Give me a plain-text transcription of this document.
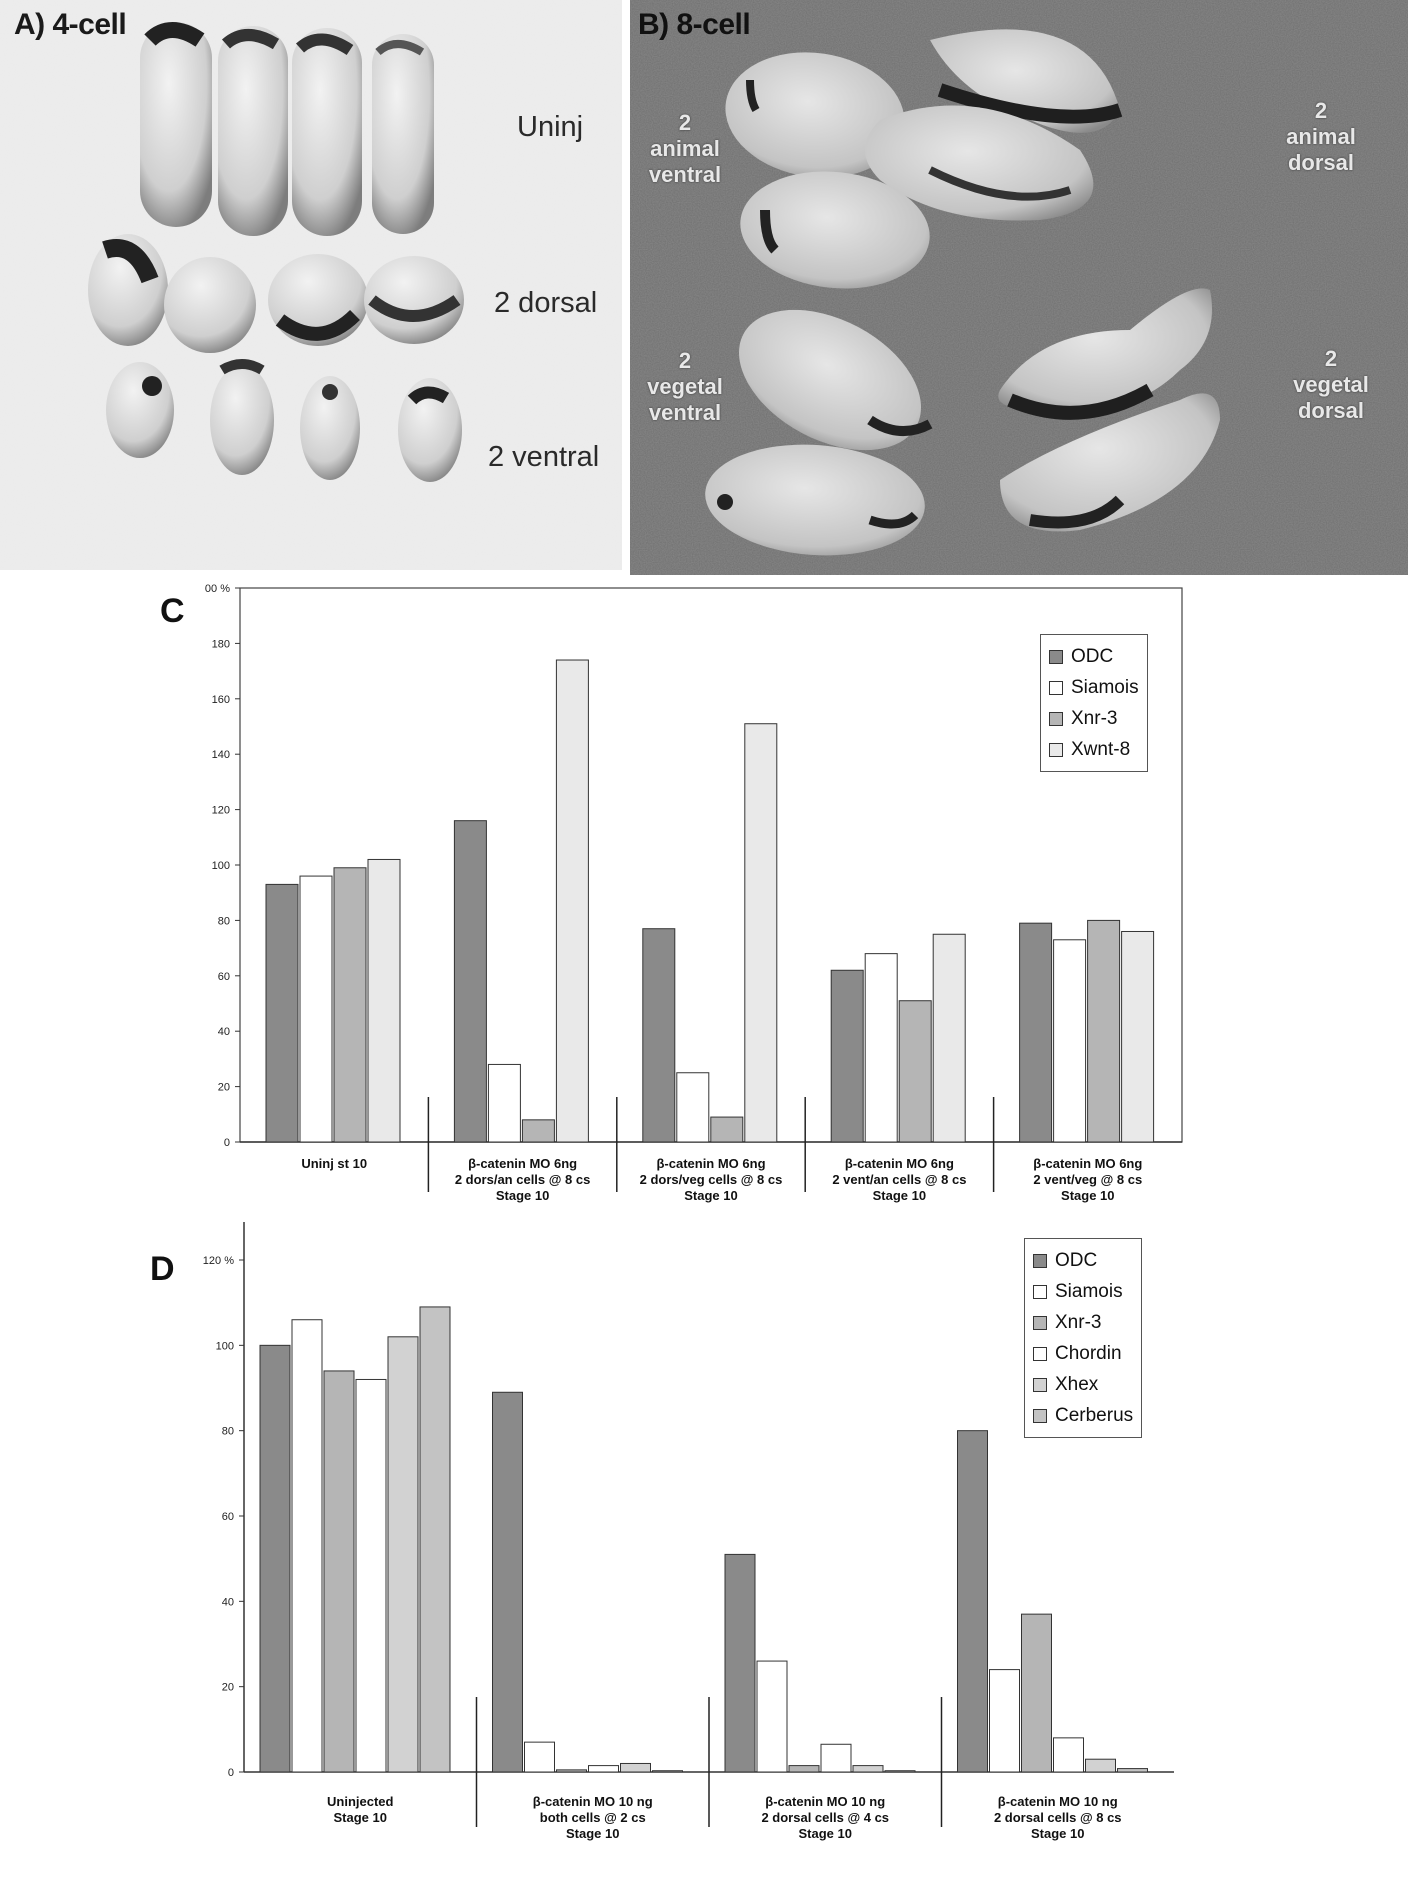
A) 4-cell
Uninj
2 dorsal
2 ventral
B) 8-cell
2
animal
ventral
2
animal
dorsal
2
vegetal
ventral
2
vegetal
dorsal
C
0
20
40
60
80
100
120
140
160
180
00 %
ODC
Siamois
Xnr-3
Xwnt-8
Uninj st 10	β-catenin MO 6ng
2 dors/an cells @ 8 cs
Stage 10
β-catenin MO 6ng
2 dors/veg cells @ 8 cs
Stage 10
β-catenin MO 6ng
2 vent/an cells @ 8 cs
Stage 10
β-catenin MO 6ng
2 vent/veg @ 8 cs
Stage 10
D
0
20
40
60
80
100
120 %	ODC
Siamois
Xnr-3
Chordin
Xhex
Cerberus
Uninjected
Stage 10
β-catenin MO 10 ng
both cells @ 2 cs
Stage 10
β-catenin MO 10 ng
2 dorsal cells @ 4 cs
Stage 10
β-catenin MO 10 ng
2 dorsal cells @ 8 cs
Stage 10
